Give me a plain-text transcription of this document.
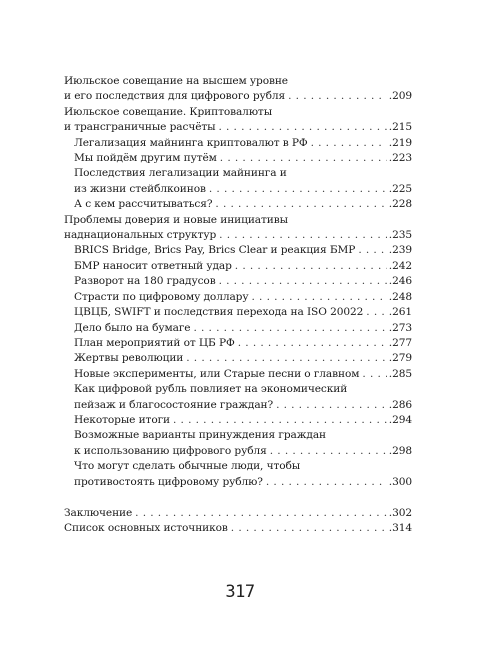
Июльское совещание на высшем уровне
и его последствия для цифрового рубля . . .	.209
Июльское совещание. Криптовалюты
и трансграничные расчёты . . .	.215
Легализация майнинга криптовалют в РФ . . .	.219
Мы пойдём другим путём . . .	.223
Последствия легализации майнинга и
из жизни стейблкоинов . . .	.225
А с кем рассчитываться? . . .	.228
Проблемы доверия и новые инициативы
наднациональных структур . . .	.235
BRICS Bridge, Brics Pay, Brics Clear и реакция БМР . . .	.239
БМР наносит ответный удар . . .	.242
Разворот на 180 градусов . . .	.246
Страсти по цифровому доллару . . .	.248
ЦВЦБ, SWIFT и последствия перехода на ISO 20022 . . . .261
Дело было на бумаге . . .	.273
План мероприятий от ЦБ РФ . . .	.277
Жертвы революции . . .	.279
Новые эксперименты, или Старые песни о главном . . .	.285
Как цифровой рубль повлияет на экономический
пейзаж и благосостояние граждан? . . .	.286
Некоторые итоги . . .	.294
Возможные варианты принуждения граждан
к использованию цифрового рубля . . .	.298
Что могут сделать обычные люди, чтобы
противостоять цифровому рублю? . . .	.300
Заключение . . .	.302
Список основных источников . . .	.314
317
